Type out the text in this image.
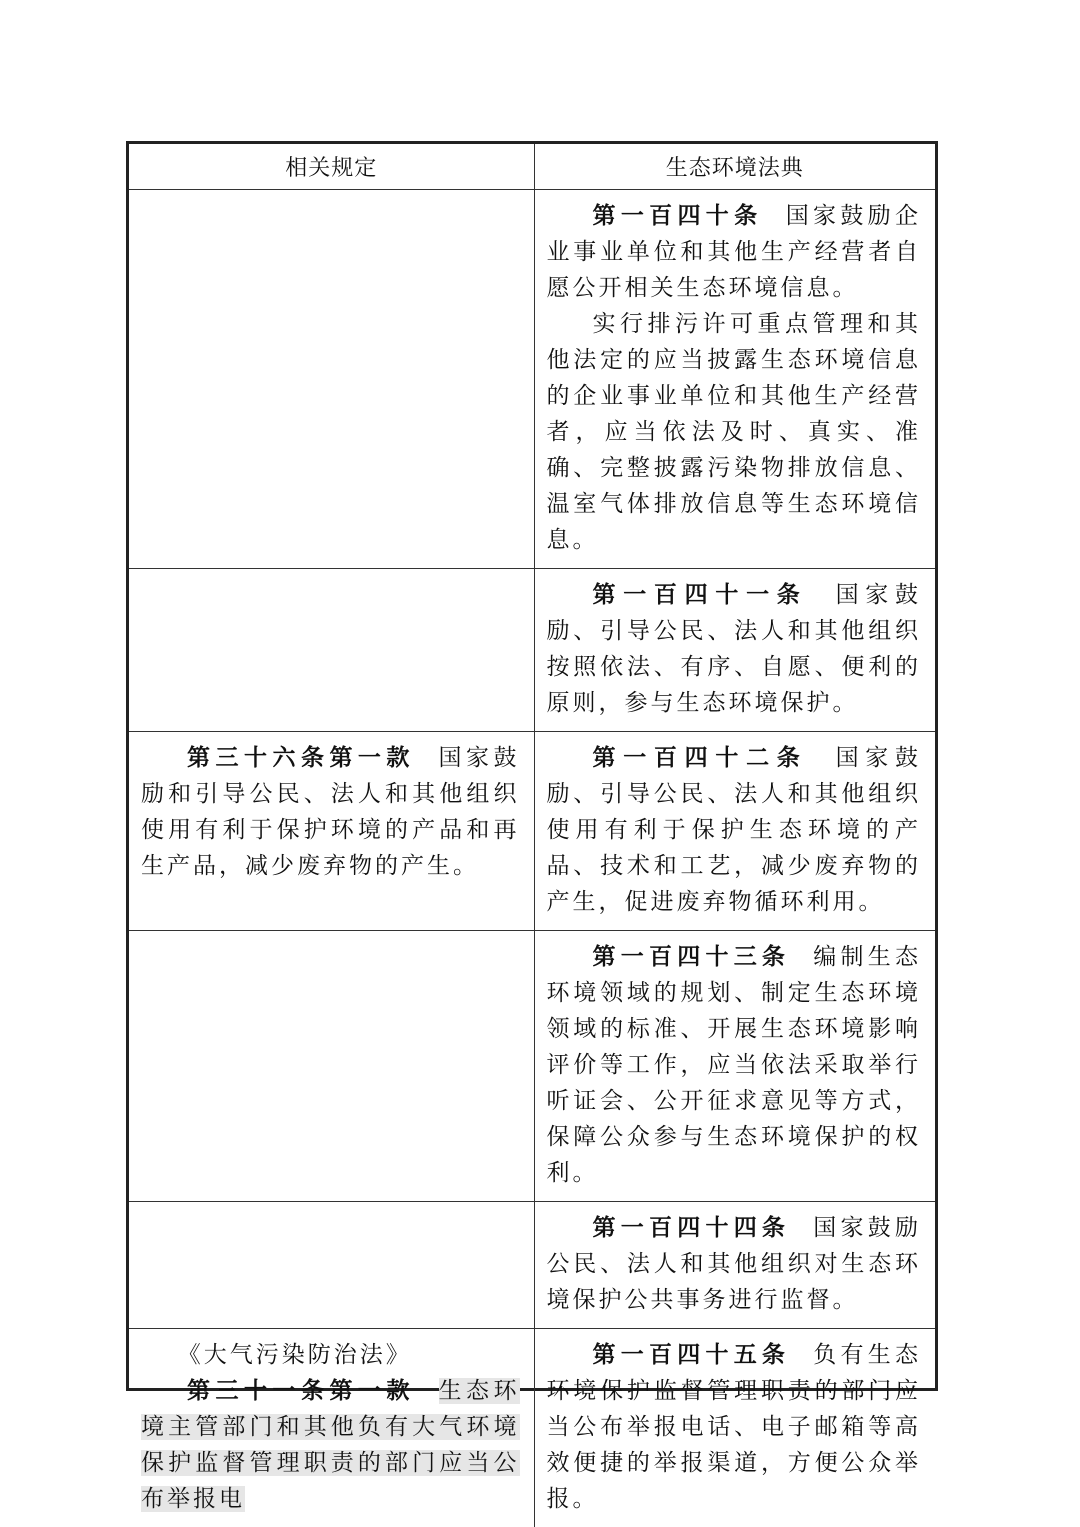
相关规定	生态环境法典

	第一百四十条 国家鼓励企业事业单位和其他生产经营者自愿公开相关生态环境信息。

实行排污许可重点管理和其他法定的应当披露生态环境信息的企业事业单位和其他生产经营者，应当依法及时、真实、准确、完整披露污染物排放信息、温室气体排放信息等生态环境信息。

	第一百四十一条 国家鼓励、引导公民、法人和其他组织按照依法、有序、自愿、便利的原则，参与生态环境保护。

第三十六条第一款 国家鼓励和引导公民、法人和其他组织使用有利于保护环境的产品和再生产品，减少废弃物的产生。	第一百四十二条 国家鼓励、引导公民、法人和其他组织使用有利于保护生态环境的产品、技术和工艺，减少废弃物的产生，促进废弃物循环利用。

	第一百四十三条 编制生态环境领域的规划、制定生态环境领域的标准、开展生态环境影响评价等工作，应当依法采取举行听证会、公开征求意见等方式，保障公众参与生态环境保护的权利。

	第一百四十四条 国家鼓励公民、法人和其他组织对生态环境保护公共事务进行监督。

《大气污染防治法》

第三十一条第一款 生态环境主管部门和其他负有大气环境保护监督管理职责的部门应当公布举报电	第一百四十五条 负有生态环境保护监督管理职责的部门应当公布举报电话、电子邮箱等高效便捷的举报渠道，方便公众举报。
